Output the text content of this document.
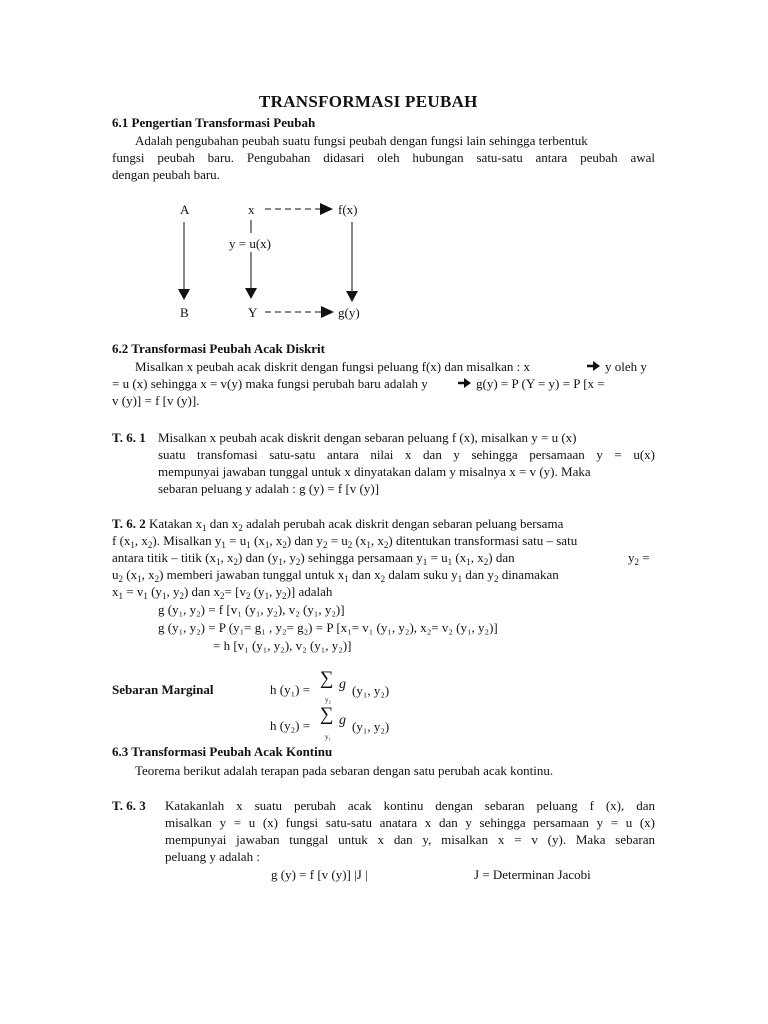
TRANSFORMASI PEUBAH
6.1 Pengertian Transformasi Peubah
Adalah pengubahan peubah suatu fungsi peubah dengan fungsi lain sehingga terbentuk
fungsi peubah baru. Pengubahan didasari oleh hubungan satu-satu antara peubah awal
dengan peubah baru.
A	x	f(x)
y = u(x)
B	Y	g(y)
6.2 Transformasi Peubah Acak Diskrit
Misalkan x peubah acak diskrit dengan fungsi peluang f(x) dan misalkan : x	y oleh y
= u (x) sehingga x = v(y) maka fungsi perubah baru adalah y	g(y) = P (Y = y) = P [x =
v (y)] = f [v (y)].
T. 6. 1 Misalkan x peubah acak diskrit dengan sebaran peluang f (x), misalkan y = u (x)
suatu transfomasi satu-satu antara nilai x dan y sehingga persamaan y = u(x)
mempunyai jawaban tunggal untuk x dinyatakan dalam y misalnya x = v (y). Maka
sebaran peluang y adalah : g (y) = f [v (y)]
T. 6. 2 Katakan $x_1$ dan $x_2$ adalah perubah acak diskrit dengan sebaran peluang bersama
f ($x_1$, $x_2$). Misalkan $y_1 = u_1$ ($x_1$, $x_2$) dan $y_2 = u_2$ ($x_1$, $x_2$) ditentukan transformasi satu – satu
antara titik – titik ($x_1$, $x_2$) dan ($y_1$, $y_2$) sehingga persamaan $y_1 = u_1$ ($x_1$, $x_2$) dan	$y_2$ =
$u_2$ ($x_1$, $x_2$) memberi jawaban tunggal untuk $x_1$ dan $x_2$ dalam suku $y_1$ dan $y_2$ dinamakan
$x_1 = v_1$ ($y_1$, $y_2$) dan $x_2= [v_2$ ($y_1$, $y_2$)] adalah
g (y₁, y₂) = f [v₁ (y₁, y₂), v₂ (y₁, y₂)]
g (y₁, y₂) = P (y₁= g₁ , y₂= g₂) = P [x₁= v₁ (y₁, y₂), x₂= v₂ (y₁, y₂)]
= h [v₁ (y₁, y₂), v₂ (y₁, y₂)]
Sebaran Marginal	h (y₁) =
∑
y₂
g (y₁, y₂)
h (y₂) =
∑
y₁
g (y₁, y₂)
6.3 Transformasi Peubah Acak Kontinu
Teorema berikut adalah terapan pada sebaran dengan satu perubah acak kontinu.
T. 6. 3 Katakanlah x suatu perubah acak kontinu dengan sebaran peluang f (x), dan
misalkan y = u (x) fungsi satu-satu anatara x dan y sehingga persamaan y = u (x)
mempunyai jawaban tunggal untuk x dan y, misalkan x = v (y). Maka sebaran
peluang y adalah :
g (y) = f [v (y)] |J |	J = Determinan Jacobi
